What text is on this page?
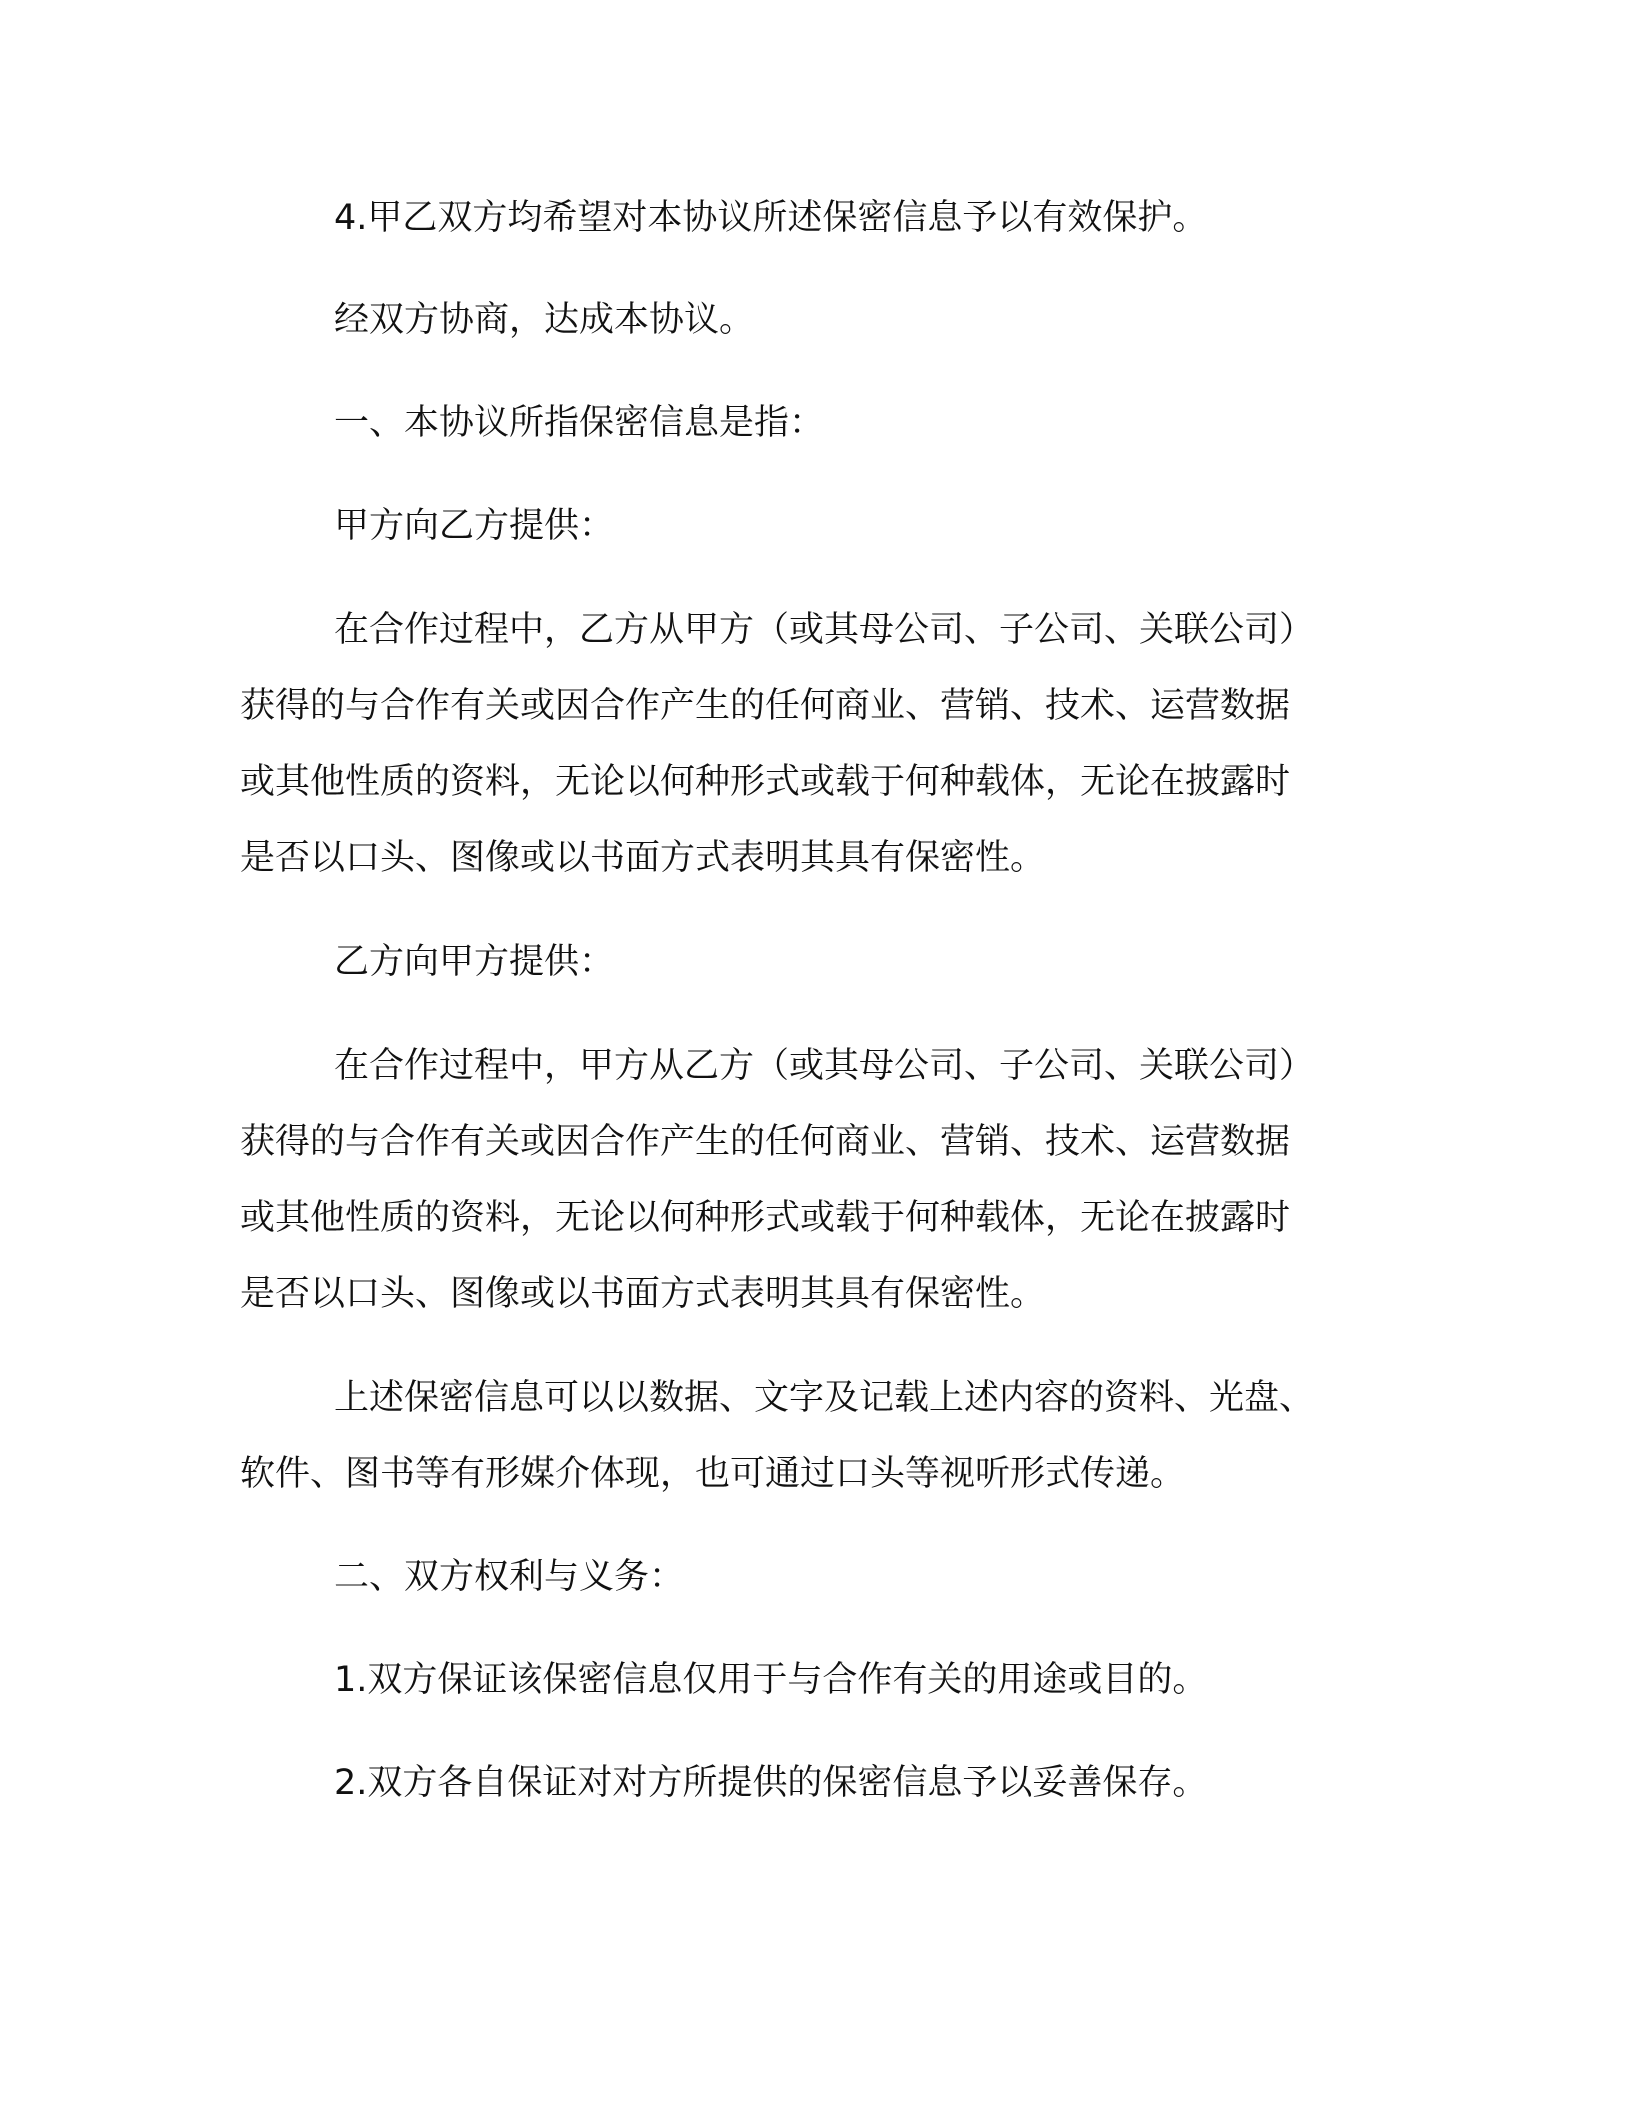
4.甲乙双方均希望对本协议所述保密信息予以有效保护。

经双方协商，达成本协议。

一、本协议所指保密信息是指：

甲方向乙方提供：

在合作过程中，乙方从甲方（或其母公司、子公司、关联公司）

获得的与合作有关或因合作产生的任何商业、营销、技术、运营数据

或其他性质的资料，无论以何种形式或载于何种载体，无论在披露时

是否以口头、图像或以书面方式表明其具有保密性。

乙方向甲方提供：

在合作过程中，甲方从乙方（或其母公司、子公司、关联公司）

获得的与合作有关或因合作产生的任何商业、营销、技术、运营数据

或其他性质的资料，无论以何种形式或载于何种载体，无论在披露时

是否以口头、图像或以书面方式表明其具有保密性。

上述保密信息可以以数据、文字及记载上述内容的资料、光盘、

软件、图书等有形媒介体现，也可通过口头等视听形式传递。

二、双方权利与义务：

1.双方保证该保密信息仅用于与合作有关的用途或目的。

2.双方各自保证对对方所提供的保密信息予以妥善保存。
